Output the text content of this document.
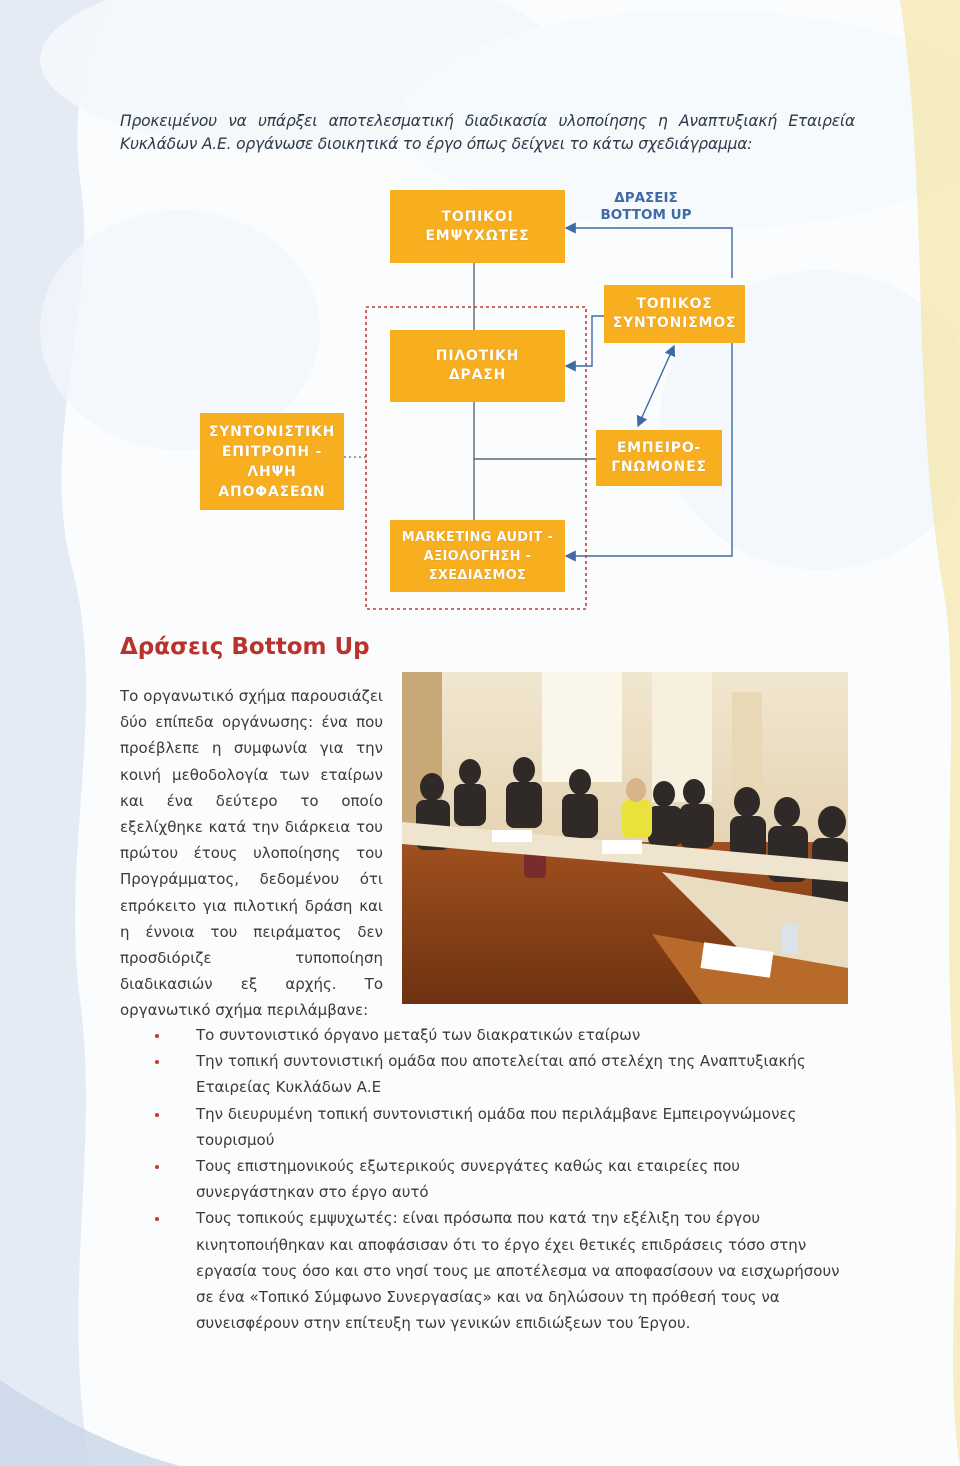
Προκειμένου να υπάρξει αποτελεσματική διαδικασία υλοποίησης η Αναπτυξιακή Εταιρεία Κυκλάδων Α.Ε. οργάνωσε διοικητικά το έργο όπως δείχνει το κάτω σχεδιάγραμμα:
ΔΡΑΣΕΙΣ
BOTTOM UP
ΤΟΠΙΚΟΙ
ΕΜΨΥΧΩΤΕΣ
ΤΟΠΙΚΟΣ
ΣΥΝΤΟΝΙΣΜΟΣ
ΠΙΛΟΤΙΚΗ
ΔΡΑΣΗ
ΣΥΝΤΟΝΙΣΤΙΚΗ
ΕΠΙΤΡΟΠΗ -
ΛΗΨΗ
ΑΠΟΦΑΣΕΩΝ
ΕΜΠΕΙΡΟ-
ΓΝΩΜΟΝΕΣ
MARKETING AUDIT -
ΑΞΙΟΛΟΓΗΣΗ -
ΣΧΕΔΙΑΣΜΟΣ
Δράσεις Bottom Up
Το οργανωτικό σχήμα παρουσιάζει δύο επίπεδα οργάνωσης: ένα που προέβλεπε η συμφωνία για την κοινή μεθοδολογία των εταίρων και ένα δεύτερο το οποίο εξελίχθηκε κατά την διάρκεια του πρώτου έτους υλοποίησης του Προγράμματος, δεδομένου ότι επρόκειτο για πιλοτική δράση και η έννοια του πειράματος δεν προσδιόριζε τυποποίηση διαδικασιών εξ αρχής. Το οργανωτικό σχήμα περιλάμβανε:
Το συντονιστικό όργανο μεταξύ των διακρατικών εταίρων
Την τοπική συντονιστική ομάδα που αποτελείται από στελέχη της Αναπτυξιακής Εταιρείας Κυκλάδων Α.Ε
Την διευρυμένη τοπική συντονιστική ομάδα που περιλάμβανε Εμπειρογνώμονες τουρισμού
Τους επιστημονικούς εξωτερικούς συνεργάτες καθώς και εταιρείες που συνεργάστηκαν στο έργο αυτό
Τους τοπικούς εμψυχωτές: είναι πρόσωπα που κατά την εξέλιξη του έργου κινητοποιήθηκαν και αποφάσισαν ότι το έργο έχει θετικές επιδράσεις τόσο στην εργασία τους όσο και στο νησί τους με αποτέλεσμα να αποφασίσουν να εισχωρήσουν σε ένα «Τοπικό Σύμφωνο Συνεργασίας» και να δηλώσουν τη πρόθεσή τους να συνεισφέρουν στην επίτευξη των γενικών επιδιώξεων του Έργου.
